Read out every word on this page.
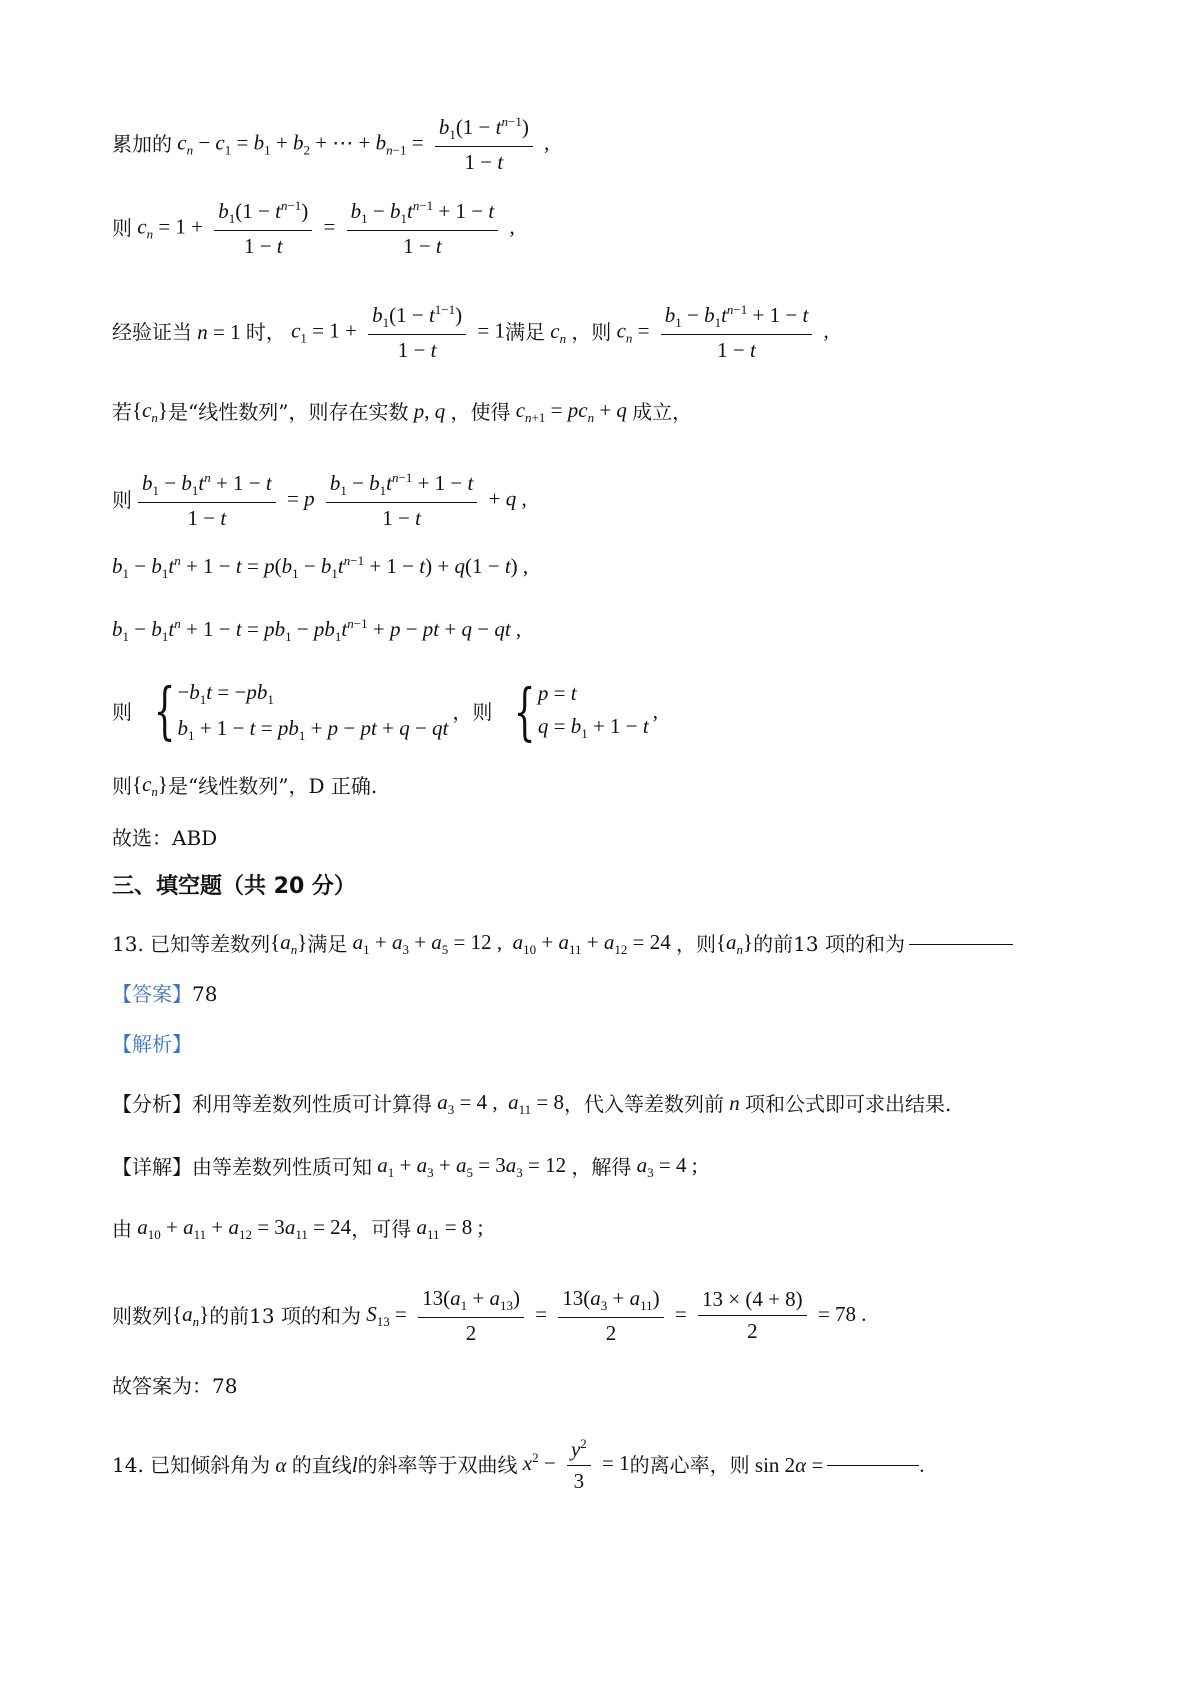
累加的 $c_n - c_1 = b_1 + b_2$ + ⋯ + $b_{n-1} = \frac{b_1(1 - t^{n-1})}{1 - t}$ ,
则 $c_n = 1 + \frac{b_1(1 - t^{n-1})}{1 - t} = \frac{b_1 - b_1t^{n-1} + 1 - t}{1 - t}$ ,
经验证当 n = 1 时， $c_1 = 1 + \frac{b_1(1 - t^{1-1})}{1 - t} = 1$ 满足 $c_n$ ，则 $c_n = \frac{b_1 - b_1t^{n-1} + 1 - t}{1 - t}$ ,
若 $\{c_n\}$ 是“线性数列”，则存在实数 p, q ，使得 $c_{n+1} = pc_n + q$ 成立，
则 $\frac{b_1 - b_1t^n + 1 - t}{1 - t} = p \frac{b_1 - b_1t^{n-1} + 1 - t}{1 - t} + q$ ,
$b_1 - b_1t^n + 1 - t = p(b_1 - b_1t^{n-1} + 1 - t) + q(1 - t)$ ,
$b_1 - b_1t^n + 1 - t = pb_1 - pb_1t^{n-1} + p$ − pt + q − qt ,
则 { $-b_1t = -pb_1$
$b_1 + 1 - t = pb_1 + p$ − pt + q − qt
，则 { p = t
$q = b_1 + 1 - t$
,
则 $\{c_n\}$ 是“线性数列”，D 正确.
故选：ABD
三、填空题（共 20 分）
13.
已知等差数列 $\{a_n\}$ 满足 $a_1 + a_3 + a_5 = 12$ ,  $a_{10} + a_{11} + a_{12} = 24$ ，则 $\{a_n\}$ 的前13 项的和为
【答案】 78
【解析】
【分析】 利用等差数列性质可计算得 $a_3 = 4$ ,  $a_{11} = 8$ ，代入等差数列前 n 项和公式即可求出结果.
【详解】 由等差数列性质可知 $a_1 + a_3 + a_5 = 3a_3 = 12$ ，解得 $a_3 = 4$ ;
由 $a_{10} + a_{11} + a_{12} = 3a_{11} = 24$ ，可得 $a_{11} = 8$ ;
则数列 $\{a_n\}$ 的前13 项的和为 $S_{13} = \frac{13(a_1 + a_{13})}{2} = \frac{13(a_3 + a_{11})}{2} = \frac{13 \times (4 + 8)}{2} = 78$ .
故答案为：78
14.
已知倾斜角为 α 的直线 l 的斜率等于双曲线 $x^2 - \frac{y^2}{3} = 1$ 的离心率，则 sin 2α =	.
